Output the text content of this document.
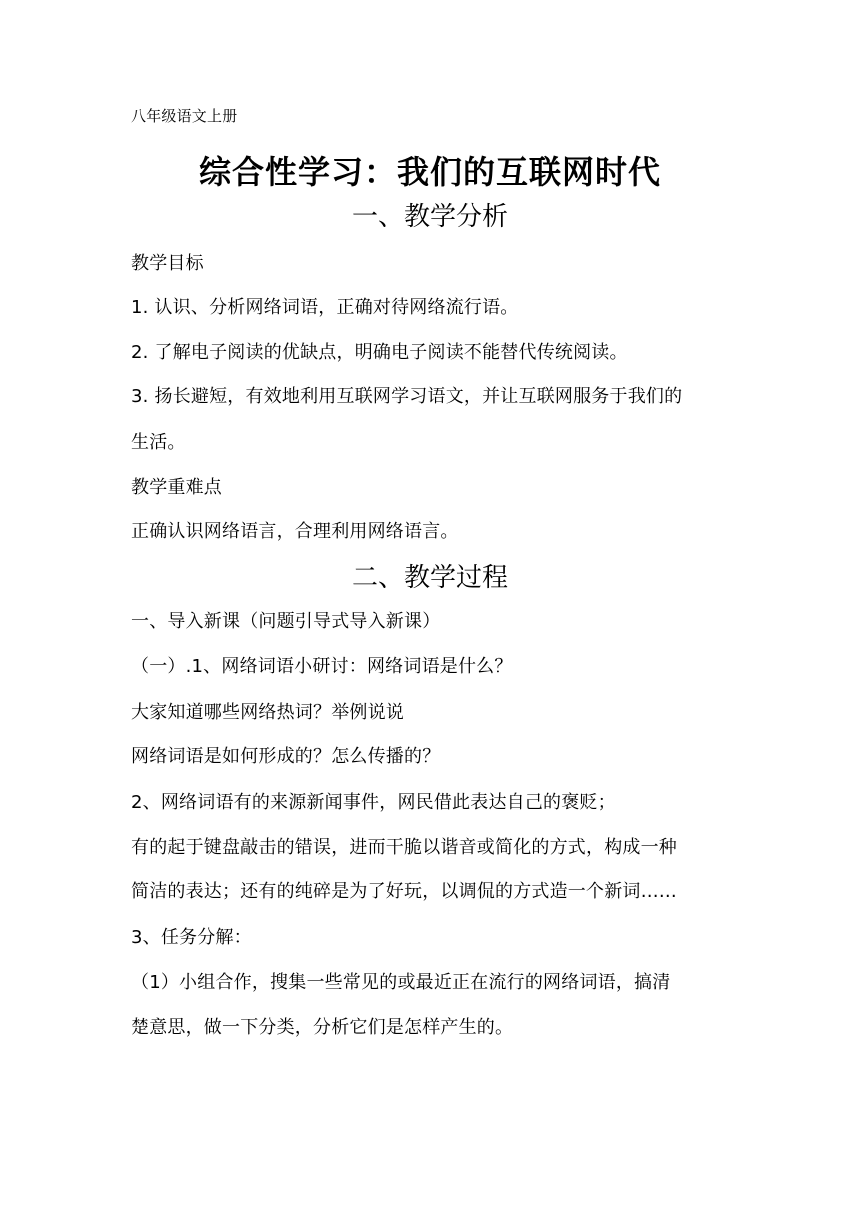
八年级语文上册
综合性学习：我们的互联网时代
一、教学分析
教学目标
1. 认识、分析网络词语，正确对待网络流行语。
2. 了解电子阅读的优缺点，明确电子阅读不能替代传统阅读。
3. 扬长避短，有效地利用互联网学习语文，并让互联网服务于我们的
生活。
教学重难点
正确认识网络语言，合理利用网络语言。
二、教学过程
一、导入新课（问题引导式导入新课）
（一）.1、网络词语小研讨：网络词语是什么？
大家知道哪些网络热词？举例说说
网络词语是如何形成的？怎么传播的？
2、网络词语有的来源新闻事件，网民借此表达自己的褒贬；
有的起于键盘敲击的错误，进而干脆以谐音或简化的方式，构成一种
简洁的表达；还有的纯碎是为了好玩，以调侃的方式造一个新词……
3、任务分解：
（1）小组合作，搜集一些常见的或最近正在流行的网络词语，搞清
楚意思，做一下分类，分析它们是怎样产生的。
